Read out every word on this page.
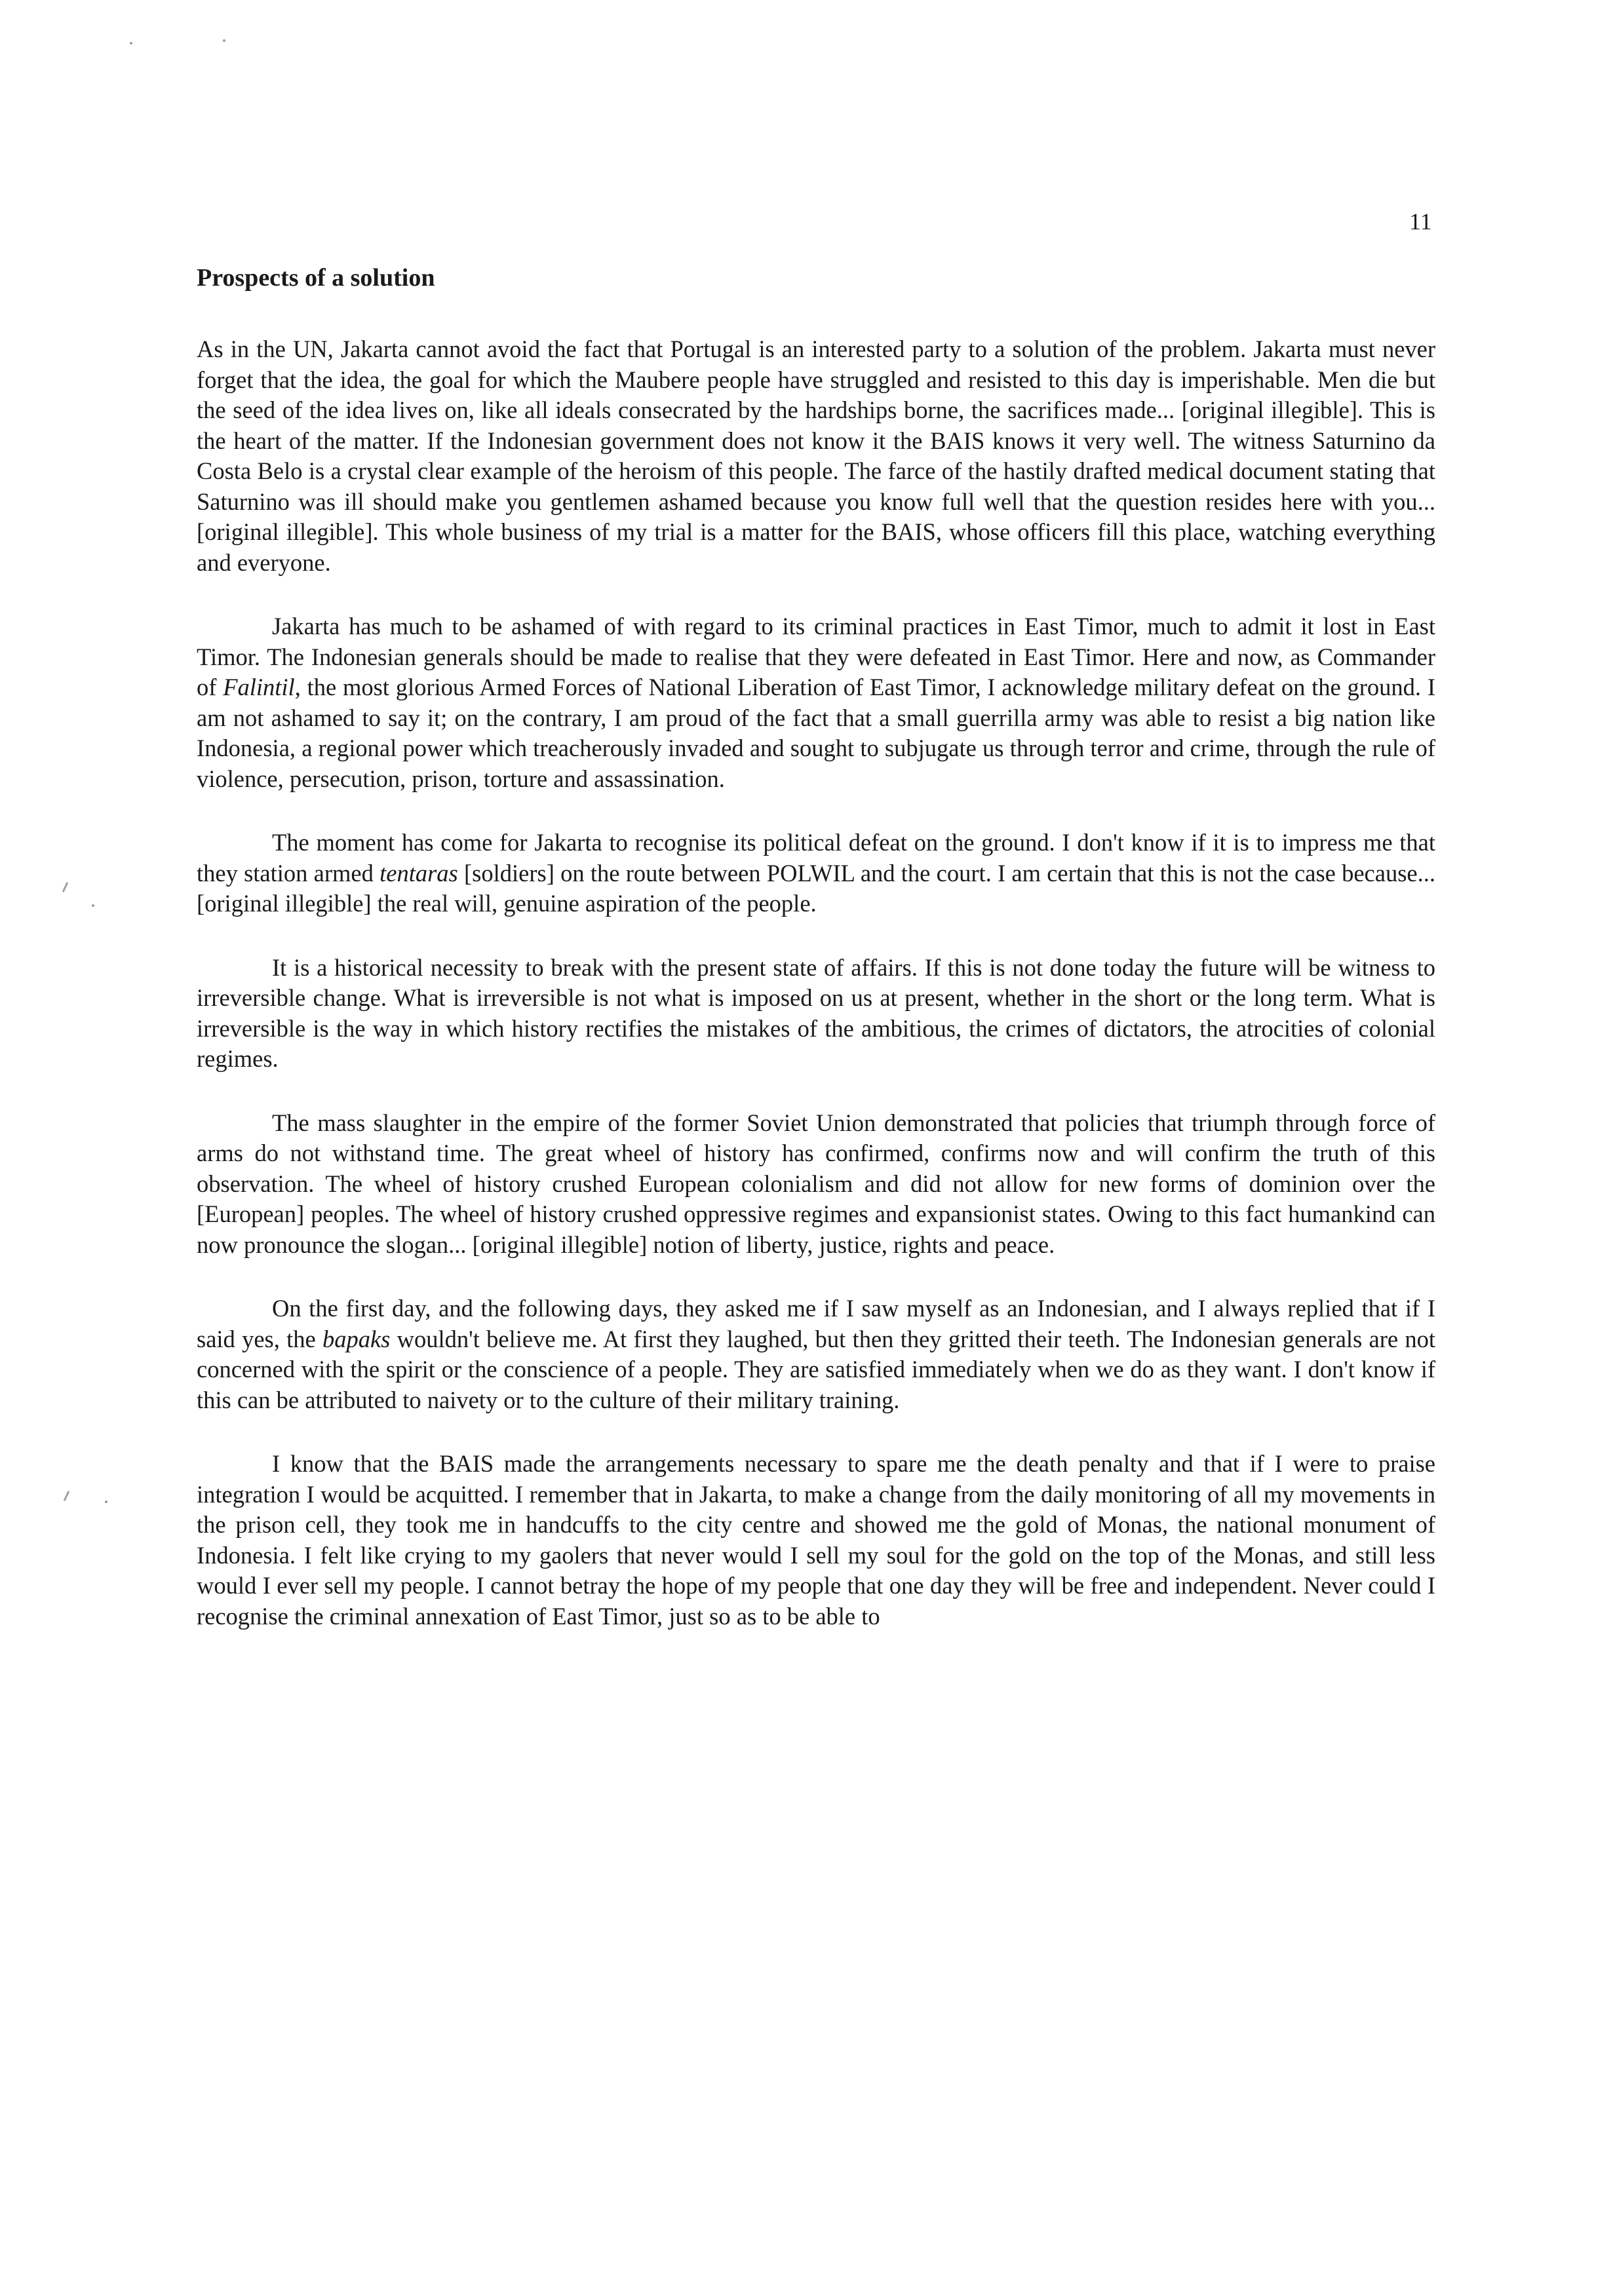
11
Prospects of a solution

As in the UN, Jakarta cannot avoid the fact that Portugal is an interested party to a solution of the problem. Jakarta must never forget that the idea, the goal for which the Maubere people have struggled and resisted to this day is imperishable. Men die but the seed of the idea lives on, like all ideals consecrated by the hardships borne, the sacrifices made... [original illegible]. This is the heart of the matter. If the Indonesian government does not know it the BAIS knows it very well. The witness Saturnino da Costa Belo is a crystal clear example of the heroism of this people. The farce of the hastily drafted medical document stating that Saturnino was ill should make you gentlemen ashamed because you know full well that the question resides here with you... [original illegible]. This whole business of my trial is a matter for the BAIS, whose officers fill this place, watching everything and everyone.

Jakarta has much to be ashamed of with regard to its criminal practices in East Timor, much to admit it lost in East Timor. The Indonesian generals should be made to realise that they were defeated in East Timor. Here and now, as Commander of Falintil, the most glorious Armed Forces of National Liberation of East Timor, I acknowledge military defeat on the ground. I am not ashamed to say it; on the contrary, I am proud of the fact that a small guerrilla army was able to resist a big nation like Indonesia, a regional power which treacherously invaded and sought to subjugate us through terror and crime, through the rule of violence, persecution, prison, torture and assassination.

The moment has come for Jakarta to recognise its political defeat on the ground. I don't know if it is to impress me that they station armed tentaras [soldiers] on the route between POLWIL and the court. I am certain that this is not the case because... [original illegible] the real will, genuine aspiration of the people.

It is a historical necessity to break with the present state of affairs. If this is not done today the future will be witness to irreversible change. What is irreversible is not what is imposed on us at present, whether in the short or the long term. What is irreversible is the way in which history rectifies the mistakes of the ambitious, the crimes of dictators, the atrocities of colonial regimes.

The mass slaughter in the empire of the former Soviet Union demonstrated that policies that triumph through force of arms do not withstand time. The great wheel of history has confirmed, confirms now and will confirm the truth of this observation. The wheel of history crushed European colonialism and did not allow for new forms of dominion over the [European] peoples. The wheel of history crushed oppressive regimes and expansionist states. Owing to this fact humankind can now pronounce the slogan... [original illegible] notion of liberty, justice, rights and peace.

On the first day, and the following days, they asked me if I saw myself as an Indonesian, and I always replied that if I said yes, the bapaks wouldn't believe me. At first they laughed, but then they gritted their teeth. The Indonesian generals are not concerned with the spirit or the conscience of a people. They are satisfied immediately when we do as they want. I don't know if this can be attributed to naivety or to the culture of their military training.

I know that the BAIS made the arrangements necessary to spare me the death penalty and that if I were to praise integration I would be acquitted. I remember that in Jakarta, to make a change from the daily monitoring of all my movements in the prison cell, they took me in handcuffs to the city centre and showed me the gold of Monas, the national monument of Indonesia. I felt like crying to my gaolers that never would I sell my soul for the gold on the top of the Monas, and still less would I ever sell my people. I cannot betray the hope of my people that one day they will be free and independent. Never could I recognise the criminal annexation of East Timor, just so as to be able to
